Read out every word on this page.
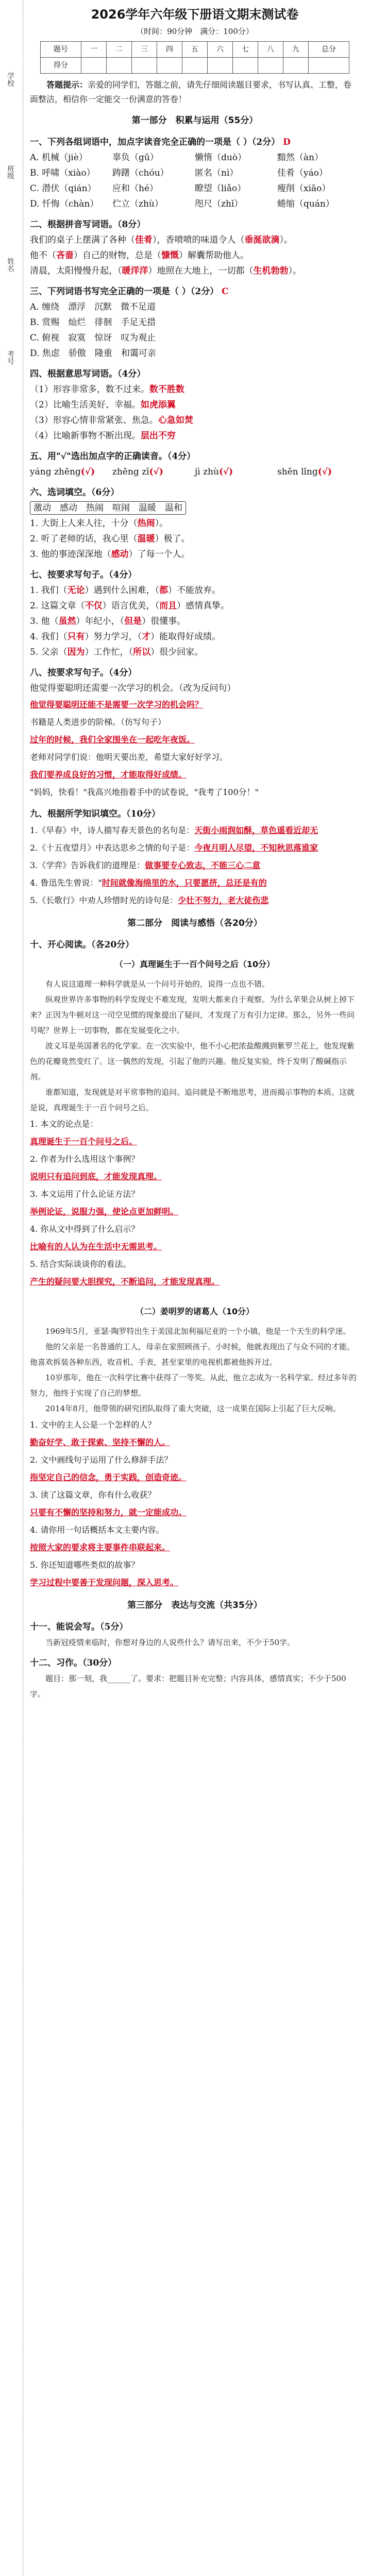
学校
班级
姓名
考号
2026学年六年级下册语文期末测试卷
（时间：90分钟　满分：100分）
题号	一	二	三	四	五	六	七	八	九	总分
得分										
答题提示：亲爱的同学们，答题之前，请先仔细阅读题目要求，书写认真、工整，卷面整洁，相信你一定能交一份满意的答卷！
第一部分　积累与运用（55分）
一、下列各组词语中，加点字读音完全正确的一项是（ ）（2分） D
A. 机械（jiè）	辜负（gū）	懒惰（duò）	黯然（àn）
B. 呼啸（xiào）	踌躇（chóu）	匿名（nì）	佳肴（yáo）
C. 潜伏（qián）	应和（hé）	瞭望（liǎo）	瘦削（xiāo）
D. 忏悔（chàn）	伫立（zhù）	咫尺（zhǐ）	蜷缩（quán）
二、根据拼音写词语。（8分）
我们的桌子上摆满了各种（佳肴），香喷喷的味道令人（垂涎欲滴）。
他不（吝啬）自己的财物，总是（慷慨）解囊帮助他人。
清晨，太阳慢慢升起，（暖洋洋）地照在大地上，一切都（生机勃勃）。
三、下列词语书写完全正确的一项是（ ）（2分） C
A. 缠绕　漂浮　沉默　微不足道
B. 赏赐　灿烂　徘徊　手足无措
C. 俯视　寂寞　惊讶　叹为观止
D. 焦虑　骄傲　隆重　和霭可亲
四、根据意思写词语。（4分）
（1）形容非常多，数不过来。数不胜数
（2）比喻生活美好、幸福。如虎添翼
（3）形容心情非常紧张、焦急。心急如焚
（4）比喻新事物不断出现。层出不穷
五、用"√"选出加点字的正确读音。（4分）
yáng zhēng(√)	zhēng zǐ(√)	jì zhù(√)	shēn lǐng(√)
六、选词填空。（6分）
激动　感动　热闹　喧闹　温暖　温和
1. 大街上人来人往，十分（热闹）。
2. 听了老师的话，我心里（温暖）极了。
3. 他的事迹深深地（感动）了每一个人。
七、按要求写句子。（4分）
1. 我们（无论）遇到什么困难，（都）不能放弃。
2. 这篇文章（不仅）语言优美，（而且）感情真挚。
3. 他（虽然）年纪小，（但是）很懂事。
4. 我们（只有）努力学习，（才）能取得好成绩。
5. 父亲（因为）工作忙，（所以）很少回家。
八、按要求写句子。（4分）
他觉得要聪明还需要一次学习的机会。（改为反问句）
他觉得要聪明还能不是需要一次学习的机会吗？
书籍是人类进步的阶梯。（仿写句子）
过年的时候，我们全家围坐在一起吃年夜饭。
老师对同学们说：他明天要出差，希望大家好好学习。
我们要养成良好的习惯，才能取得好成绩。
"妈妈，快看！"我高兴地指着手中的试卷说，"我考了100分！"
九、根据所学知识填空。（10分）
1.《早春》中，诗人描写春天景色的名句是：天街小雨润如酥，草色遥看近却无
2.《十五夜望月》中表达思乡之情的句子是：今夜月明人尽望，不知秋思落谁家
3.《学弈》告诉我们的道理是：做事要专心致志，不能三心二意
4. 鲁迅先生曾说："时间就像海绵里的水，只要愿挤，总还是有的
5.《长歌行》中劝人珍惜时光的诗句是：少壮不努力，老大徒伤悲
第二部分　阅读与感悟（各20分）
十、开心阅读。（各20分）
（一）真理诞生于一百个问号之后（10分）

有人说这道理一种科学就是从一个问号开始的，说得一点也不错。

纵观世界许多事物的科学发现史不难发现，发明大都来自于观察。为什么苹果会从树上掉下来？正因为牛顿对这一司空见惯的现象提出了疑问，才发现了万有引力定律。那么，另外一些问号呢？世界上一切事物，都在发展变化之中。

波义耳是英国著名的化学家。在一次实验中，他不小心把浓盐酸溅到紫罗兰花上，他发现紫色的花瓣竟然变红了。这一偶然的发现，引起了他的兴趣。他反复实验，终于发明了酸碱指示剂。

谁都知道，发现就是对平常事物的追问。追问就是不断地思考，进而揭示事物的本质。这就是说，真理诞生于一百个问号之后。

1. 本文的论点是：
真理诞生于一百个问号之后。
2. 作者为什么选用这个事例？
说明只有追问到底，才能发现真理。
3. 本文运用了什么论证方法？
举例论证，说服力强，使论点更加鲜明。
4. 你从文中得到了什么启示？
比喻有的人认为在生活中无需思考。
5. 结合实际谈谈你的看法。
产生的疑问要大胆探究，不断追问，才能发现真理。
（二）姜明罗的诸葛人（10分）

1969年5月，亚瑟·陶罗特出生于美国北加利福尼亚的一个小镇，他是一个天生的科学迷。

他的父亲是一名普通的工人，母亲在家照顾孩子。小时候，他就表现出了与众不同的才能。他喜欢拆装各种东西，收音机、手表，甚至家里的电视机都被他拆开过。

10岁那年，他在一次科学比赛中获得了一等奖。从此，他立志成为一名科学家。经过多年的努力，他终于实现了自己的梦想。

2014年8月，他带领的研究团队取得了重大突破，这一成果在国际上引起了巨大反响。

1. 文中的主人公是一个怎样的人？
勤奋好学、敢于探索、坚持不懈的人。
2. 文中画线句子运用了什么修辞手法？
指坚定自己的信念，勇于实践，创造奇迹。
3. 读了这篇文章，你有什么收获？
只要有不懈的坚持和努力，就一定能成功。
4. 请你用一句话概括本文主要内容。
按照大家的要求将主要事件串联起来。
5. 你还知道哪些类似的故事？
学习过程中要善于发现问题，深入思考。
第三部分　表达与交流（共35分）
十一、能说会写。（5分）
当新冠疫情来临时，你想对身边的人说些什么？请写出来，不少于50字。
十二、习作。（30分）
题目：那一刻，我______了。要求：把题目补充完整；内容具体，感情真实；不少于500字。
